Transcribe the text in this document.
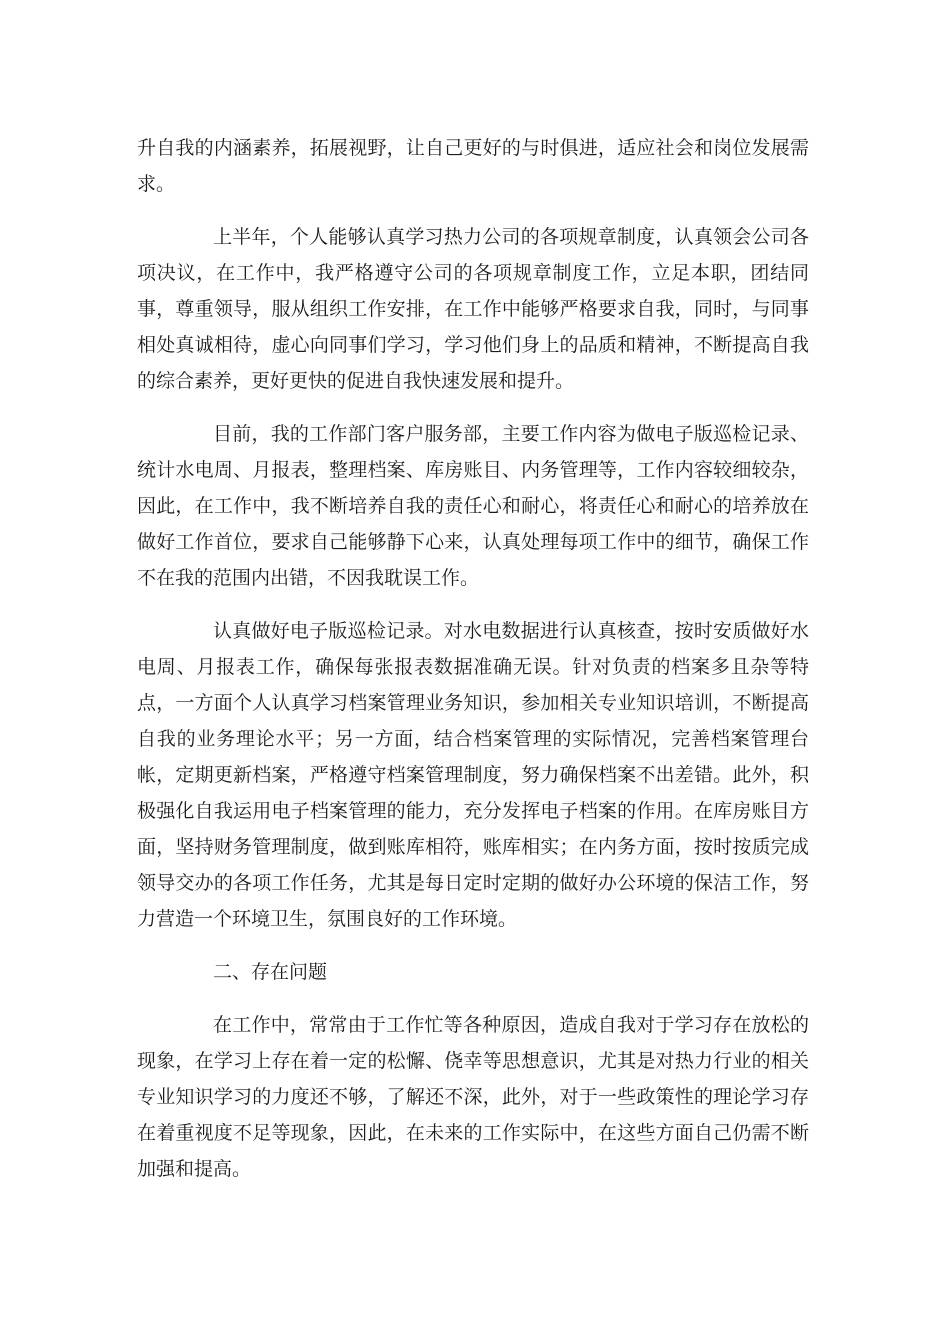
升自我的内涵素养，拓展视野，让自己更好的与时俱进，适应社会和岗位发展需求。

上半年，个人能够认真学习热力公司的各项规章制度，认真领会公司各项决议，在工作中，我严格遵守公司的各项规章制度工作，立足本职，团结同事，尊重领导，服从组织工作安排，在工作中能够严格要求自我，同时，与同事相处真诚相待，虚心向同事们学习，学习他们身上的品质和精神，不断提高自我的综合素养，更好更快的促进自我快速发展和提升。

目前，我的工作部门客户服务部，主要工作内容为做电子版巡检记录、统计水电周、月报表，整理档案、库房账目、内务管理等，工作内容较细较杂，因此，在工作中，我不断培养自我的责任心和耐心，将责任心和耐心的培养放在做好工作首位，要求自己能够静下心来，认真处理每项工作中的细节，确保工作不在我的范围内出错，不因我耽误工作。

认真做好电子版巡检记录。对水电数据进行认真核查，按时安质做好水电周、月报表工作，确保每张报表数据准确无误。针对负责的档案多且杂等特点，一方面个人认真学习档案管理业务知识，参加相关专业知识培训，不断提高自我的业务理论水平；另一方面，结合档案管理的实际情况，完善档案管理台帐，定期更新档案，严格遵守档案管理制度，努力确保档案不出差错。此外，积极强化自我运用电子档案管理的能力，充分发挥电子档案的作用。在库房账目方面，坚持财务管理制度，做到账库相符，账库相实；在内务方面，按时按质完成领导交办的各项工作任务，尤其是每日定时定期的做好办公环境的保洁工作，努力营造一个环境卫生，氛围良好的工作环境。

二、存在问题

在工作中，常常由于工作忙等各种原因，造成自我对于学习存在放松的现象，在学习上存在着一定的松懈、侥幸等思想意识，尤其是对热力行业的相关专业知识学习的力度还不够，了解还不深，此外，对于一些政策性的理论学习存在着重视度不足等现象，因此，在未来的工作实际中，在这些方面自己仍需不断加强和提高。
